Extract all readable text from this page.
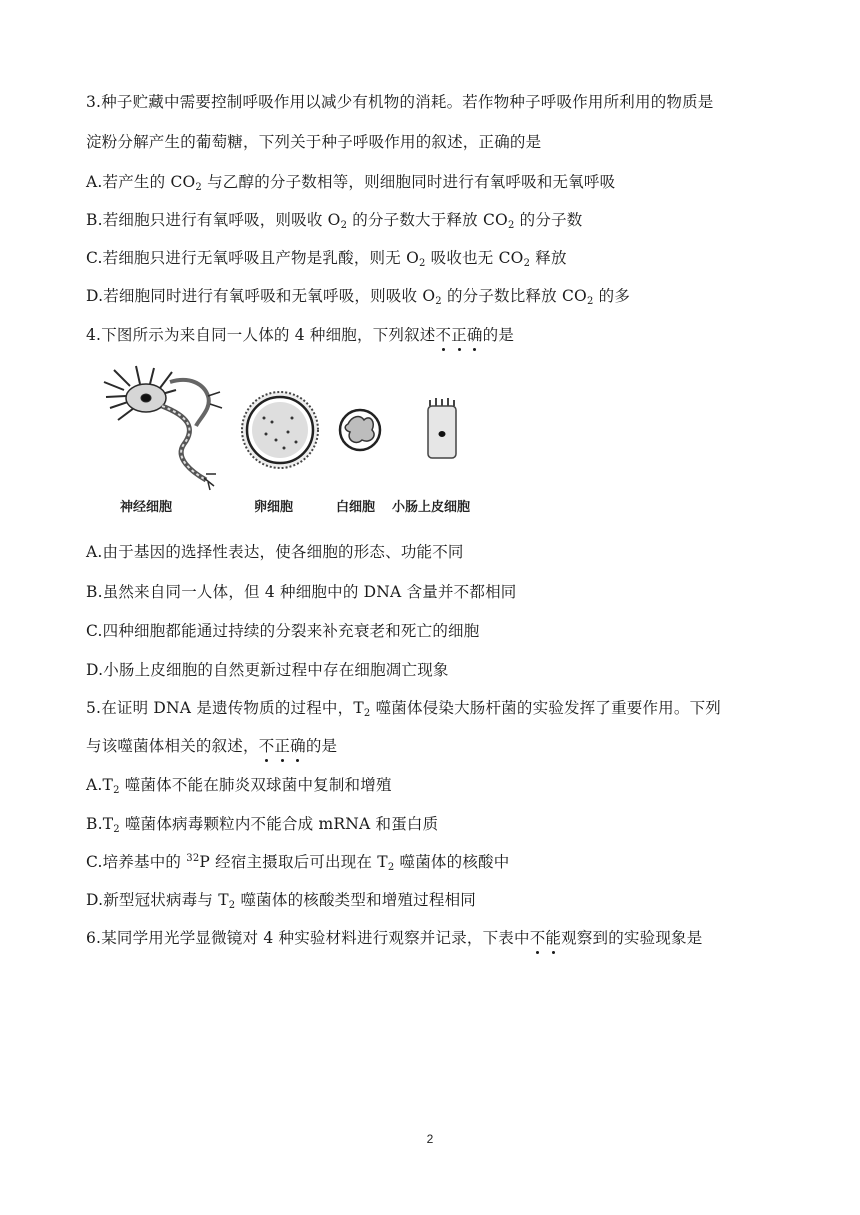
3.种子贮藏中需要控制呼吸作用以减少有机物的消耗。若作物种子呼吸作用所利用的物质是
淀粉分解产生的葡萄糖，下列关于种子呼吸作用的叙述，正确的是
A.若产生的 $CO_2$ 与乙醇的分子数相等，则细胞同时进行有氧呼吸和无氧呼吸
B.若细胞只进行有氧呼吸，则吸收 $O_2$ 的分子数大于释放 $CO_2$ 的分子数
C.若细胞只进行无氧呼吸且产物是乳酸，则无 $O_2$ 吸收也无 $CO_2$ 释放
D.若细胞同时进行有氧呼吸和无氧呼吸，则吸收 $O_2$ 的分子数比释放 $CO_2$ 的多
4.下图所示为来自同一人体的 4 种细胞，下列叙述不正确的是
神经细胞	卵细胞	白细胞 小肠上皮细胞
A.由于基因的选择性表达，使各细胞的形态、功能不同
B.虽然来自同一人体，但 4 种细胞中的 DNA 含量并不都相同
C.四种细胞都能通过持续的分裂来补充衰老和死亡的细胞
D.小肠上皮细胞的自然更新过程中存在细胞凋亡现象
5.在证明 DNA 是遗传物质的过程中，$T_2$ 噬菌体侵染大肠杆菌的实验发挥了重要作用。下列
与该噬菌体相关的叙述，不正确的是
$A.T_2$ 噬菌体不能在肺炎双球菌中复制和增殖
$B.T_2$ 噬菌体病毒颗粒内不能合成 mRNA 和蛋白质
C.培养基中的 $^{32}$P 经宿主摄取后可出现在 $T_2$ 噬菌体的核酸中
D.新型冠状病毒与 $T_2$ 噬菌体的核酸类型和增殖过程相同
6.某同学用光学显微镜对 4 种实验材料进行观察并记录，下表中不能观察到的实验现象是
2
